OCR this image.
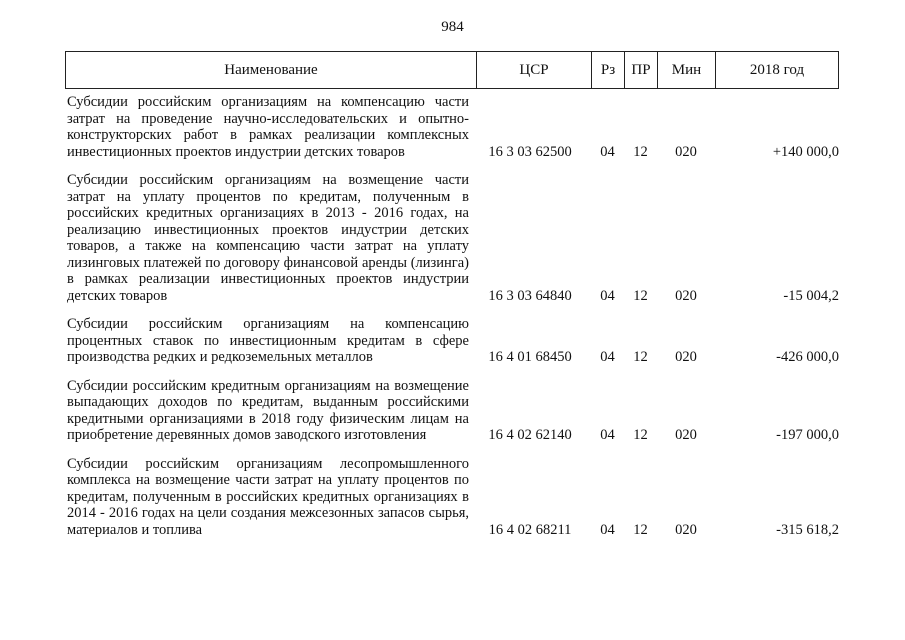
984
Наименование	ЦСР	Рз	ПР	Мин	2018 год
Субсидии российским организациям на компенсацию части затрат на проведение научно-исследовательских и опытно-конструкторских работ в рамках реализации комплексных инвестиционных проектов индустрии детских товаров	16 3 03 62500	04	12	020	+140 000,0
Субсидии российским организациям на возмещение части затрат на уплату процентов по кредитам, полученным в российских кредитных организациях в 2013 - 2016 годах, на реализацию инвестиционных проектов индустрии детских товаров, а также на компенсацию части затрат на уплату лизинговых платежей по договору финансовой аренды (лизинга) в рамках реализации инвестиционных проектов индустрии детских товаров	16 3 03 64840	04	12	020	-15 004,2
Субсидии российским организациям на компенсацию процентных ставок по инвестиционным кредитам в сфере производства редких и редкоземельных металлов	16 4 01 68450	04	12	020	-426 000,0
Субсидии российским кредитным организациям на возмещение выпадающих доходов по кредитам, выданным российскими кредитными организациями в 2018 году физическим лицам на приобретение деревянных домов заводского изготовления	16 4 02 62140	04	12	020	-197 000,0
Субсидии российским организациям лесопромышленного комплекса на возмещение части затрат на уплату процентов по кредитам, полученным в российских кредитных организациях в 2014 - 2016 годах на цели создания межсезонных запасов сырья, материалов и топлива	16 4 02 68211	04	12	020	-315 618,2
